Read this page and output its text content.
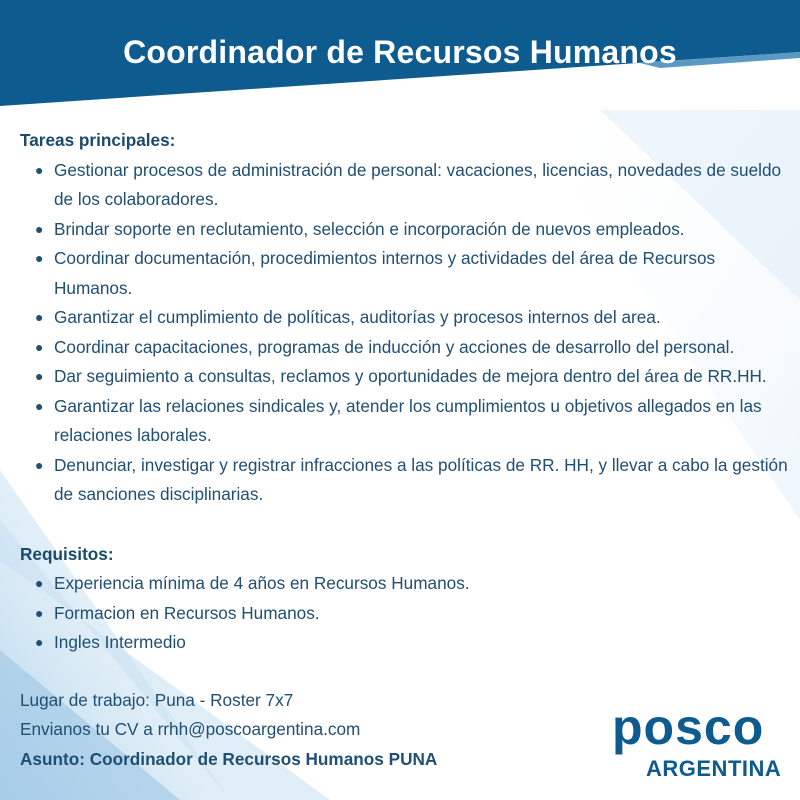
Coordinador de Recursos Humanos

Tareas principales:

● Gestionar procesos de administración de personal: vacaciones, licencias, novedades de sueldo de los colaboradores.
● Brindar soporte en reclutamiento, selección e incorporación de nuevos empleados.
● Coordinar documentación, procedimientos internos y actividades del área de Recursos Humanos.
● Garantizar el cumplimiento de políticas, auditorías y procesos internos del area.
● Coordinar capacitaciones, programas de inducción y acciones de desarrollo del personal.
● Dar seguimiento a consultas, reclamos y oportunidades de mejora dentro del área de RR.HH.
● Garantizar las relaciones sindicales y, atender los cumplimientos u objetivos allegados en las relaciones laborales.
● Denunciar, investigar y registrar infracciones a las políticas de RR. HH, y llevar a cabo la gestión de sanciones disciplinarias.

Requisitos:

● Experiencia mínima de 4 años en Recursos Humanos.
● Formacion en Recursos Humanos.
● Ingles Intermedio

Lugar de trabajo: Puna - Roster 7x7

Envianos tu CV a rrhh@poscoargentina.com

Asunto: Coordinador de Recursos Humanos PUNA

posco
ARGENTINA
